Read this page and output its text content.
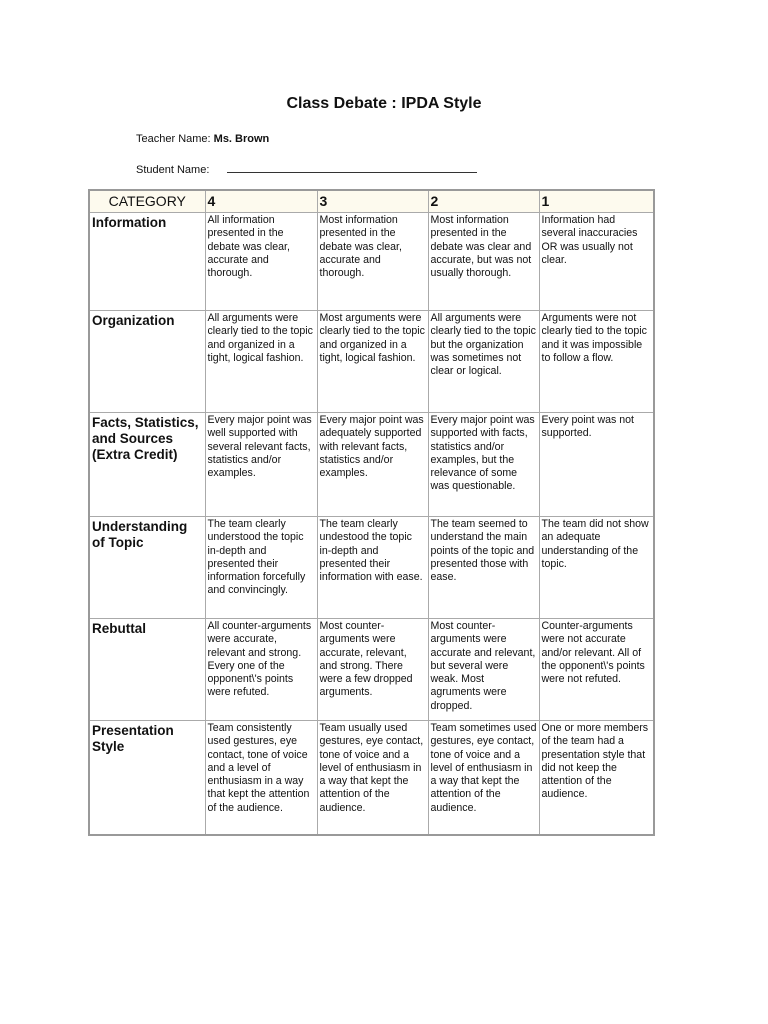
Class Debate : IPDA Style
Teacher Name: Ms. Brown
Student Name:
CATEGORY	4	3	2	1
Information	All information presented in the debate was clear, accurate and thorough.	Most information presented in the debate was clear, accurate and thorough.	Most information presented in the debate was clear and accurate, but was not usually thorough.	Information had several inaccuracies OR was usually not clear.
Organization	All arguments were clearly tied to the topic and organized in a tight, logical fashion.	Most arguments were clearly tied to the topic and organized in a tight, logical fashion.	All arguments were clearly tied to the topic but the organization was sometimes not clear or logical.	Arguments were not clearly tied to the topic and it was impossible to follow a flow.
Facts, Statistics, and Sources (Extra Credit)	Every major point was well supported with several relevant facts, statistics and/or examples.	Every major point was adequately supported with relevant facts, statistics and/or examples.	Every major point was supported with facts, statistics and/or examples, but the relevance of some was questionable.	Every point was not supported.
Understanding of Topic	The team clearly understood the topic in-depth and presented their information forcefully and convincingly.	The team clearly undestood the topic in-depth and presented their information with ease.	The team seemed to understand the main points of the topic and presented those with ease.	The team did not show an adequate understanding of the topic.
Rebuttal	All counter-arguments were accurate, relevant and strong. Every one of the opponent\'s points were refuted.	Most counter-arguments were accurate, relevant, and strong. There were a few dropped arguments.	Most counter-arguments were accurate and relevant, but several were weak. Most agruments were dropped.	Counter-arguments were not accurate and/or relevant. All of the opponent\'s points were not refuted.
Presentation Style	Team consistently used gestures, eye contact, tone of voice and a level of enthusiasm in a way that kept the attention of the audience.	Team usually used gestures, eye contact, tone of voice and a level of enthusiasm in a way that kept the attention of the audience.	Team sometimes used gestures, eye contact, tone of voice and a level of enthusiasm in a way that kept the attention of the audience.	One or more members of the team had a presentation style that did not keep the attention of the audience.
